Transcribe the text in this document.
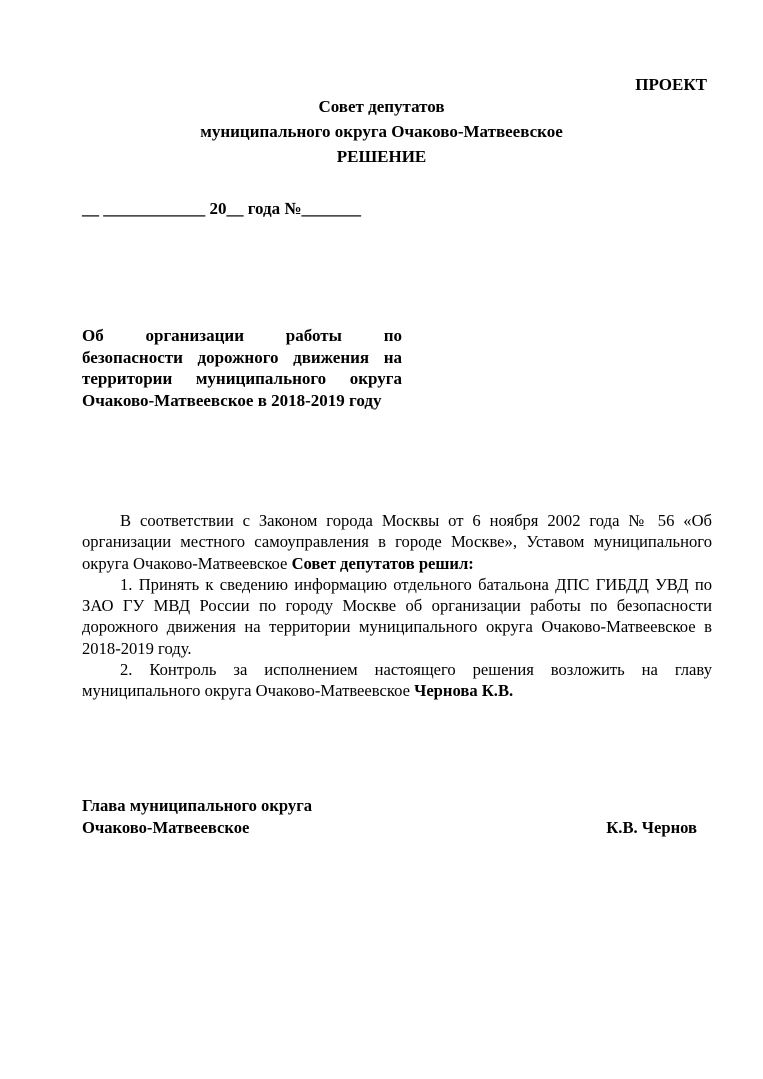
ПРОЕКТ
Совет депутатов
муниципального округа Очаково-Матвеевское
РЕШЕНИЕ
__ ____________ 20__ года №_______
Об организации работы по
безопасности дорожного движения на
территории муниципального округа
Очаково-Матвеевское в 2018-2019 году

В соответствии с Законом города Москвы от 6 ноября 2002 года № 56 «Об организации местного самоуправления в городе Москве», Уставом муниципального округа Очаково-Матвеевское Совет депутатов решил:

1. Принять к сведению информацию отдельного батальона ДПС ГИБДД УВД по ЗАО ГУ МВД России по городу Москве об организации работы по безопасности дорожного движения на территории муниципального округа Очаково-Матвеевское в 2018-2019 году.

2. Контроль за исполнением настоящего решения возложить на главу муниципального округа Очаково-Матвеевское Чернова К.В.

Глава муниципального округа
Очаково-Матвеевское	К.В. Чернов
